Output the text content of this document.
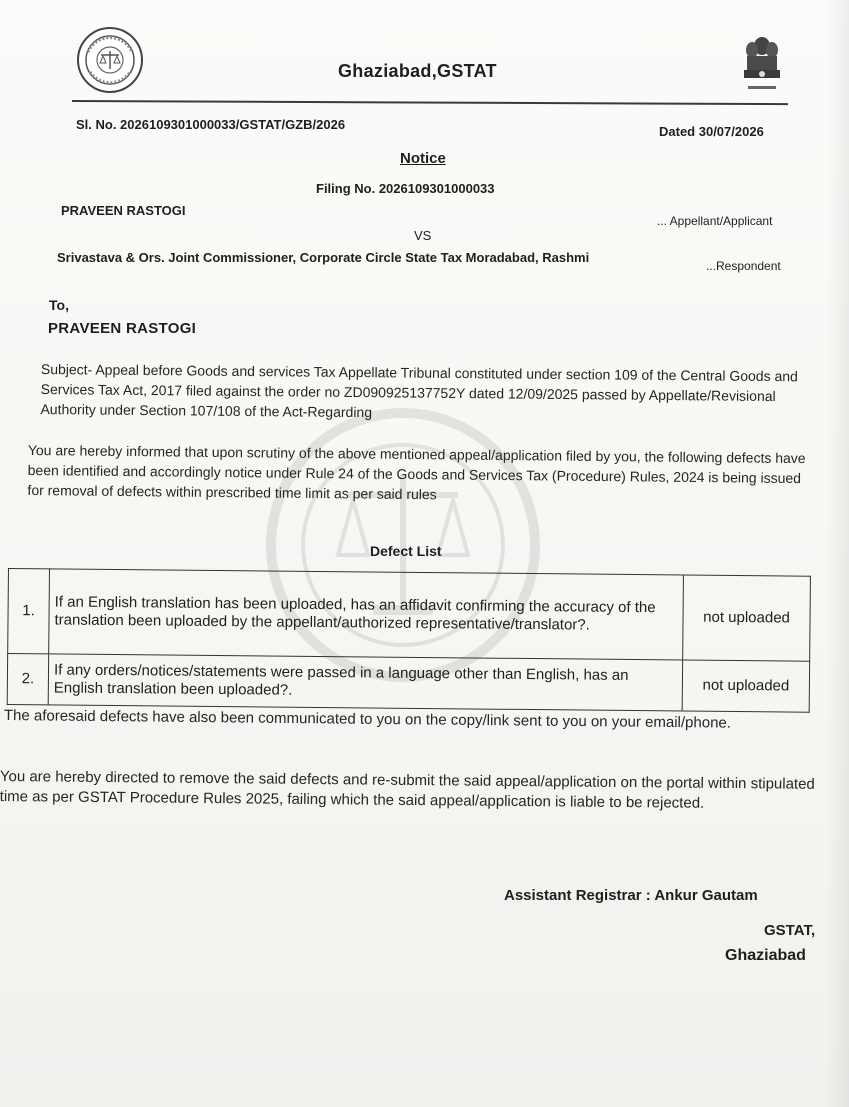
Ghaziabad,GSTAT
Sl. No. 2026109301000033/GSTAT/GZB/2026	Dated 30/07/2026
Notice
Filing No. 2026109301000033
PRAVEEN RASTOGI
... Appellant/Applicant
VS
Srivastava & Ors. Joint Commissioner, Corporate Circle State Tax Moradabad, Rashmi
...Respondent
To,
PRAVEEN RASTOGI
Subject- Appeal before Goods and services Tax Appellate Tribunal constituted under section 109 of the Central Goods and Services Tax Act, 2017 filed against the order no ZD090925137752Y dated 12/09/2025 passed by Appellate/Revisional Authority under Section 107/108 of the Act-Regarding
You are hereby informed that upon scrutiny of the above mentioned appeal/application filed by you, the following defects have been identified and accordingly notice under Rule 24 of the Goods and Services Tax (Procedure) Rules, 2024 is being issued for removal of defects within prescribed time limit as per said rules
Defect List
1.	If an English translation has been uploaded, has an affidavit confirming the accuracy of the translation been uploaded by the appellant/authorized representative/translator?.	not uploaded
2.	If any orders/notices/statements were passed in a language other than English, has an English translation been uploaded?.	not uploaded
The aforesaid defects have also been communicated to you on the copy/link sent to you on your email/phone.
You are hereby directed to remove the said defects and re-submit the said appeal/application on the portal within stipulated time as per GSTAT Procedure Rules 2025, failing which the said appeal/application is liable to be rejected.
Assistant Registrar : Ankur Gautam
GSTAT,
Ghaziabad
